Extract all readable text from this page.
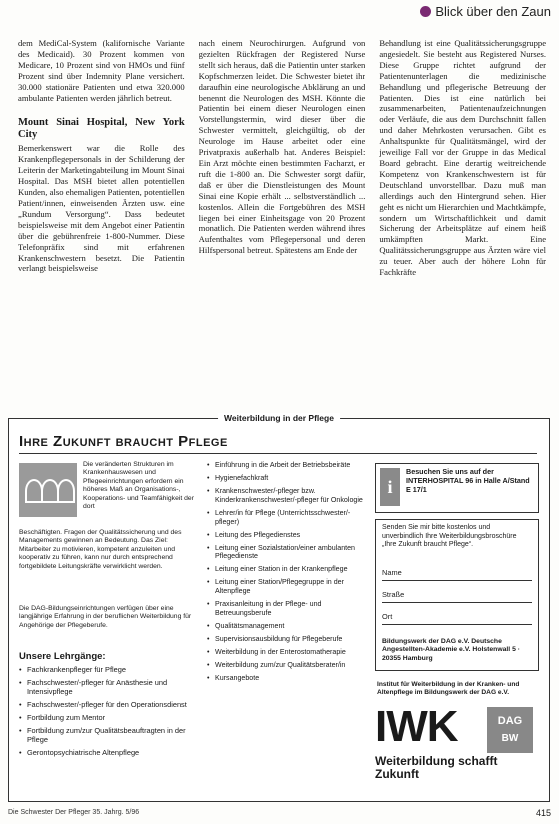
Blick über den Zaun

dem MediCal-System (kalifornische Variante des Medicaid). 30 Prozent kommen von Medicare, 10 Prozent sind von HMOs und fünf Prozent sind über Indemnity Plane versichert. 30.000 stationäre Patienten und etwa 320.000 ambulante Patienten werden jährlich betreut.

Mount Sinai Hospital, New York City

Bemerkenswert war die Rolle des Krankenpflegepersonals in der Schilderung der Leiterin der Marketingabteilung im Mount Sinai Hospital. Das MSH bietet allen potentiellen Kunden, also ehemaligen Patienten, potentiellen Patient/innen, einweisenden Ärzten usw. eine „Rundum Versorgung“. Dass bedeutet beispielsweise mit dem Angebot einer Patientin über die gebührenfreie 1-800-Nummer. Diese Telefonpräfix sind mit erfahrenen Krankenschwestern besetzt. Die Patientin verlangt beispielsweise

nach einem Neurochirurgen. Aufgrund von gezielten Rückfragen der Registered Nurse stellt sich heraus, daß die Patientin unter starken Kopfschmerzen leidet. Die Schwester bietet ihr daraufhin eine neurologische Abklärung an und benennt die Neurologen des MSH. Könnte die Patientin bei einem dieser Neurologen einen Vorstellungstermin, wird dieser über die Schwester vermittelt, gleichgültig, ob der Neurologe im Hause arbeitet oder eine Privatpraxis außerhalb hat. Anderes Beispiel: Ein Arzt möchte einen bestimmten Facharzt, er ruft die 1-800 an. Die Schwester sorgt dafür, daß er über die Dienstleistungen des Mount Sinai eine Kopie erhält ... selbstverständlich ... kostenlos. Allein die Fortgebühren des MSH liegen bei einer Einheitsgage von 20 Prozent monatlich. Die Patienten werden während ihres Aufenthaltes vom Pflegepersonal und deren Hilfspersonal betreut. Spätestens am Ende der

Behandlung ist eine Qualitätssicherungsgruppe angesiedelt. Sie besteht aus Registered Nurses. Diese Gruppe richtet aufgrund der Patientenunterlagen die medizinische Behandlung und pflegerische Betreuung der Patienten. Dies ist eine natürlich bei zusammenarbeiten, Patientenaufzeichnungen oder Verläufe, die aus dem Durchschnitt fallen und daher Mehrkosten verursachen. Gibt es Anhaltspunkte für Qualitätsmängel, wird der jeweilige Fall vor der Gruppe in das Medical Board gebracht. Eine derartig weitreichende Kompetenz von Krankenschwestern ist für Deutschland unvorstellbar. Dazu muß man allerdings auch den Hintergrund sehen. Hier geht es nicht um Hierarchien und Machtkämpfe, sondern um Wirtschaftlichkeit und damit Sicherung der Arbeitsplätze auf einem heiß umkämpften Markt. Eine Qualitätssicherungsgruppe aus Ärzten wäre viel zu teuer. Aber auch der höhere Lohn für Fachkräfte

Weiterbildung in der Pflege
Ihre Zukunft braucht Pflege
Die veränderten Strukturen im Krankenhauswesen und Pflegeeinrichtungen erfordern ein höheres Maß an Organisations-, Kooperations- und Teamfähigkeit der dort
Beschäftigten. Fragen der Qualitätssicherung und des Managements gewinnen an Bedeutung. Das Ziel: Mitarbeiter zu motivieren, kompetent anzuleiten und kooperativ zu führen, kann nur durch entsprechend fortgebildete Leitungskräfte verwirklicht werden.
Die DAG-Bildungseinrichtungen verfügen über eine langjährige Erfahrung in der beruflichen Weiterbildung für Angehörige der Pflegeberufe.
Unsere Lehrgänge:
• Fachkrankenpfleger für Pflege
• Fachschwester/-pfleger für Anästhesie und Intensivpflege
• Fachschwester/-pfleger für den Operationsdienst
• Fortbildung zum Mentor
• Fortbildung zum/zur Qualitätsbeauftragten in der Pflege
• Gerontopsychiatrische Altenpflege
• Einführung in die Arbeit der Betriebsbeiräte
• Hygienefachkraft
• Krankenschwester/-pfleger bzw. Kinderkrankenschwester/-pfleger für Onkologie
• Lehrer/in für Pflege (Unterrichtsschwester/-pfleger)
• Leitung des Pflegedienstes
• Leitung einer Sozialstation/einer ambulanten Pflegedienste
• Leitung einer Station in der Krankenpflege
• Leitung einer Station/Pflegegruppe in der Altenpflege
• Praxisanleitung in der Pflege- und Betreuungsberufe
• Qualitätsmanagement
• Supervisionsausbildung für Pflegeberufe
• Weiterbildung in der Enterostomatherapie
• Weiterbildung zum/zur Qualitätsberater/in
• Kursangebote
i
Besuchen Sie uns auf der INTERHOSPITAL 96 in Halle A/Stand E 17/1
Senden Sie mir bitte kostenlos und unverbindlich Ihre Weiterbildungsbroschüre „Ihre Zukunft braucht Pflege“.
Name
Straße
Ort
Bildungswerk der DAG e.V. Deutsche Angestellten-Akademie e.V. Holstenwall 5 · 20355 Hamburg
Institut für Weiterbildung in der Kranken- und Altenpflege im Bildungswerk der DAG e.V.
IWK	DAG
BW
Weiterbildung schafft Zukunft
Die Schwester Der Pfleger 35. Jahrg. 5/96	415
